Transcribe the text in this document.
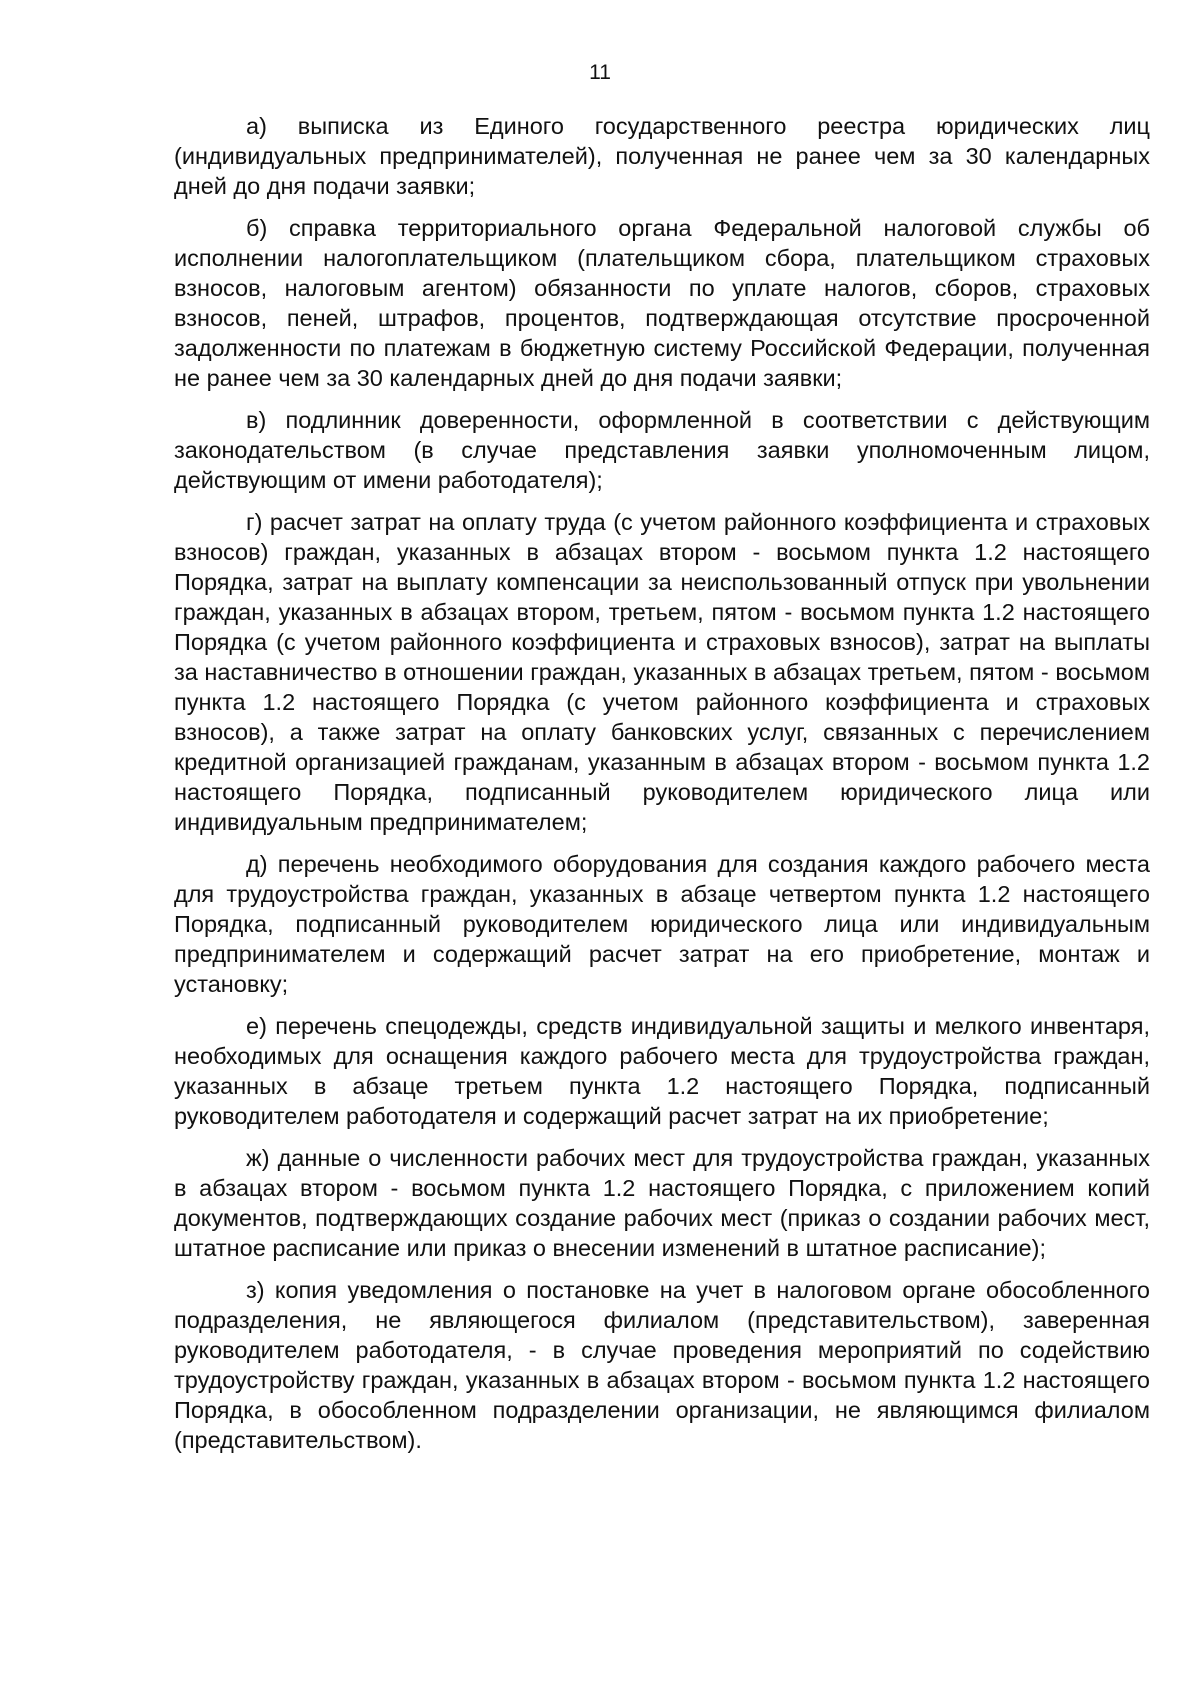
11

а) выписка из Единого государственного реестра юридических лиц (индивидуальных предпринимателей), полученная не ранее чем за 30 календарных дней до дня подачи заявки;

б) справка территориального органа Федеральной налоговой службы об исполнении налогоплательщиком (плательщиком сбора, плательщиком страховых взносов, налоговым агентом) обязанности по уплате налогов, сборов, страховых взносов, пеней, штрафов, процентов, подтверждающая отсутствие просроченной задолженности по платежам в бюджетную систему Российской Федерации, полученная не ранее чем за 30 календарных дней до дня подачи заявки;

в) подлинник доверенности, оформленной в соответствии с действующим законодательством (в случае представления заявки уполномоченным лицом, действующим от имени работодателя);

г) расчет затрат на оплату труда (с учетом районного коэффициента и страховых взносов) граждан, указанных в абзацах втором - восьмом пункта 1.2 настоящего Порядка, затрат на выплату компенсации за неиспользованный отпуск при увольнении граждан, указанных в абзацах втором, третьем, пятом - восьмом пункта 1.2 настоящего Порядка (с учетом районного коэффициента и страховых взносов), затрат на выплаты за наставничество в отношении граждан, указанных в абзацах третьем, пятом - восьмом пункта 1.2 настоящего Порядка (с учетом районного коэффициента и страховых взносов), а также затрат на оплату банковских услуг, связанных с перечислением кредитной организацией гражданам, указанным в абзацах втором - восьмом пункта 1.2 настоящего Порядка, подписанный руководителем юридического лица или индивидуальным предпринимателем;

д) перечень необходимого оборудования для создания каждого рабочего места для трудоустройства граждан, указанных в абзаце четвертом пункта 1.2 настоящего Порядка, подписанный руководителем юридического лица или индивидуальным предпринимателем и содержащий расчет затрат на его приобретение, монтаж и установку;

е) перечень спецодежды, средств индивидуальной защиты и мелкого инвентаря, необходимых для оснащения каждого рабочего места для трудоустройства граждан, указанных в абзаце третьем пункта 1.2 настоящего Порядка, подписанный руководителем работодателя и содержащий расчет затрат на их приобретение;

ж) данные о численности рабочих мест для трудоустройства граждан, указанных в абзацах втором - восьмом пункта 1.2 настоящего Порядка, с приложением копий документов, подтверждающих создание рабочих мест (приказ о создании рабочих мест, штатное расписание или приказ о внесении изменений в штатное расписание);

з) копия уведомления о постановке на учет в налоговом органе обособленного подразделения, не являющегося филиалом (представительством), заверенная руководителем работодателя, - в случае проведения мероприятий по содействию трудоустройству граждан, указанных в абзацах втором - восьмом пункта 1.2 настоящего Порядка, в обособленном подразделении организации, не являющимся филиалом (представительством).
